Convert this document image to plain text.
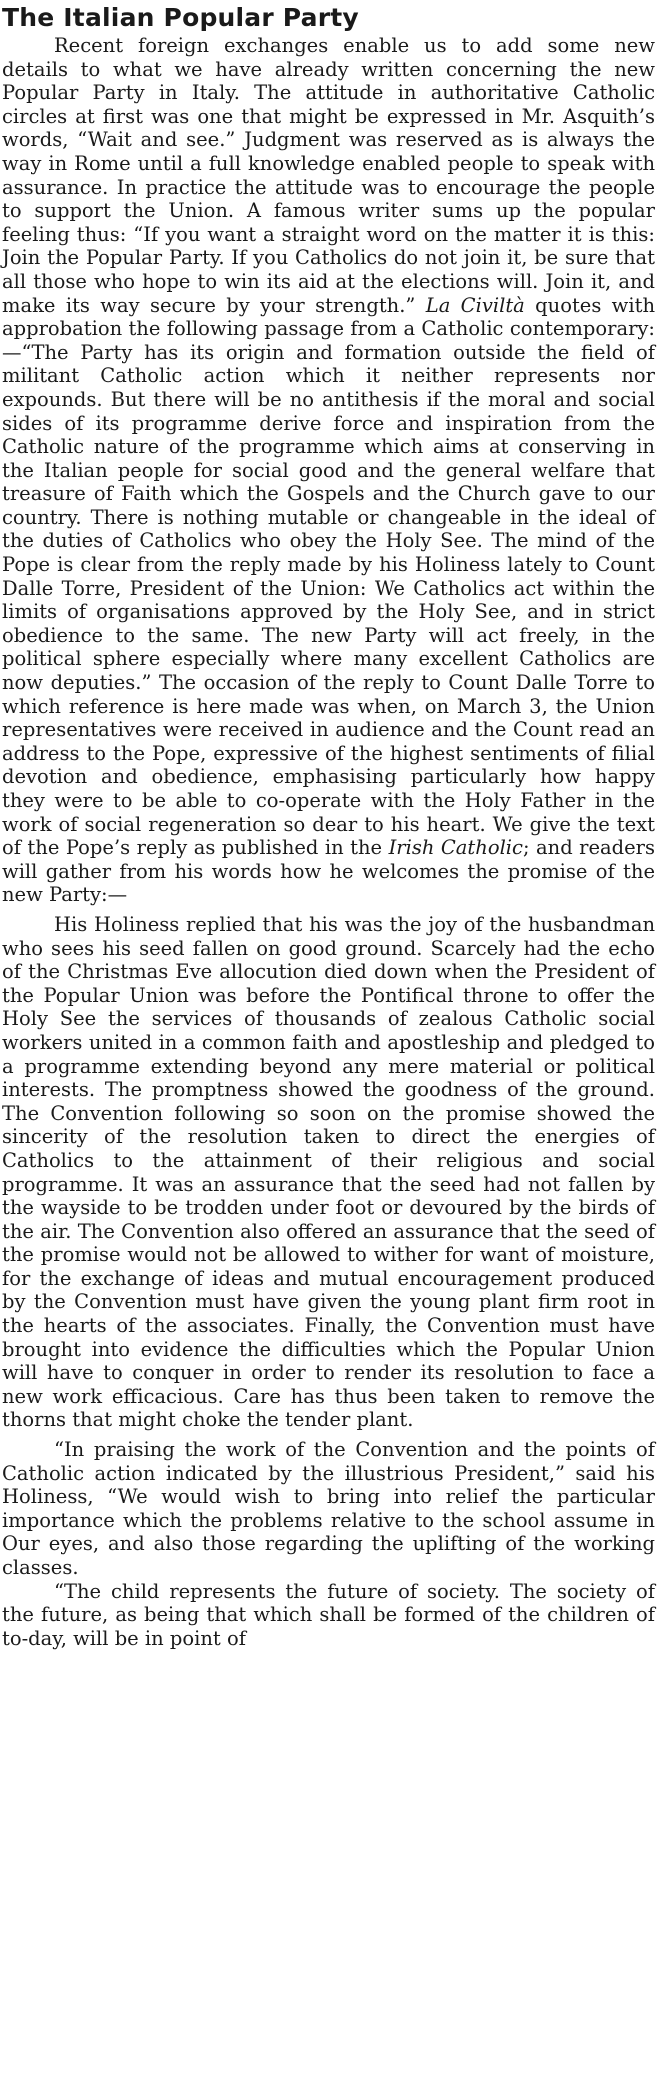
The Italian Popular Party

Recent foreign exchanges enable us to add some new details to what we have already written concerning the new Popular Party in Italy. The attitude in authoritative Catholic circles at first was one that might be expressed in Mr. Asquith’s words, “Wait and see.” Judgment was reserved as is always the way in Rome until a full knowledge enabled people to speak with assurance. In practice the attitude was to encourage the people to support the Union. A famous writer sums up the popular feeling thus: “If you want a straight word on the matter it is this: Join the Popular Party. If you Catholics do not join it, be sure that all those who hope to win its aid at the elections will. Join it, and make its way secure by your strength.” La Civiltà quotes with approbation the following passage from a Catholic contemporary:—“The Party has its origin and formation outside the field of militant Catholic action which it neither represents nor expounds. But there will be no antithesis if the moral and social sides of its programme derive force and inspiration from the Catholic nature of the programme which aims at conserving in the Italian people for social good and the general welfare that treasure of Faith which the Gospels and the Church gave to our country. There is nothing mutable or changeable in the ideal of the duties of Catholics who obey the Holy See. The mind of the Pope is clear from the reply made by his Holiness lately to Count Dalle Torre, President of the Union: We Catholics act within the limits of organisations approved by the Holy See, and in strict obedience to the same. The new Party will act freely, in the political sphere especially where many excellent Catholics are now deputies.” The occasion of the reply to Count Dalle Torre to which reference is here made was when, on March 3, the Union representatives were received in audience and the Count read an address to the Pope, expressive of the highest sentiments of filial devotion and obedience, emphasising particularly how happy they were to be able to co-operate with the Holy Father in the work of social regeneration so dear to his heart. We give the text of the Pope’s reply as published in the Irish Catholic; and readers will gather from his words how he welcomes the promise of the new Party:—

His Holiness replied that his was the joy of the husbandman who sees his seed fallen on good ground. Scarcely had the echo of the Christmas Eve allocution died down when the President of the Popular Union was before the Pontifical throne to offer the Holy See the services of thousands of zealous Catholic social workers united in a common faith and apostleship and pledged to a programme extending beyond any mere material or political interests. The promptness showed the goodness of the ground. The Convention following so soon on the promise showed the sincerity of the resolution taken to direct the energies of Catholics to the attainment of their religious and social programme. It was an assurance that the seed had not fallen by the wayside to be trodden under foot or devoured by the birds of the air. The Convention also offered an assurance that the seed of the promise would not be allowed to wither for want of moisture, for the exchange of ideas and mutual encouragement produced by the Convention must have given the young plant firm root in the hearts of the associates. Finally, the Convention must have brought into evidence the difficulties which the Popular Union will have to conquer in order to render its resolution to face a new work efficacious. Care has thus been taken to remove the thorns that might choke the tender plant.

“In praising the work of the Convention and the points of Catholic action indicated by the illustrious President,” said his Holiness, “We would wish to bring into relief the particular importance which the problems relative to the school assume in Our eyes, and also those regarding the uplifting of the working classes.

“The child represents the future of society. The society of the future, as being that which shall be formed of the children of to-day, will be in point of
